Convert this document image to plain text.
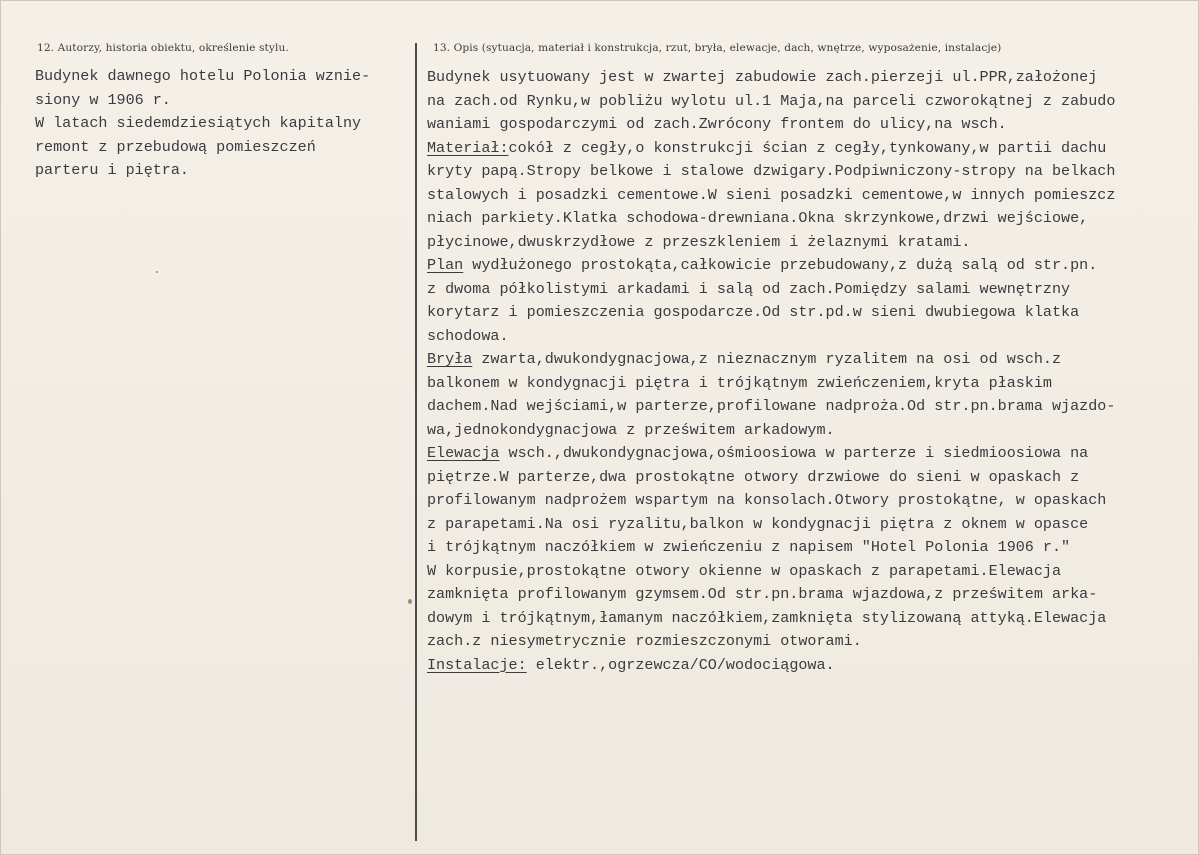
12. Autorzy, historia obiektu, określenie stylu.	13. Opis (sytuacja, materiał i konstrukcja, rzut, bryła, elewacje, dach, wnętrze, wyposażenie, instalacje)
Budynek dawnego hotelu Polonia wznie-
siony w 1906 r.
W latach siedemdziesiątych kapitalny
remont z przebudową pomieszczeń
parteru i piętra.
Budynek usytuowany jest w zwartej zabudowie zach.pierzeji ul.PPR,założonej
na zach.od Rynku,w pobliżu wylotu ul.1 Maja,na parceli czworokątnej z zabudo
waniami gospodarczymi od zach.Zwrócony frontem do ulicy,na wsch.
Materiał:cokół z cegły,o konstrukcji ścian z cegły,tynkowany,w partii dachu
kryty papą.Stropy belkowe i stalowe dzwigary.Podpiwniczony-stropy na belkach
stalowych i posadzki cementowe.W sieni posadzki cementowe,w innych pomieszcz
niach parkiety.Klatka schodowa-drewniana.Okna skrzynkowe,drzwi wejściowe,
płycinowe,dwuskrzydłowe z przeszkleniem i żelaznymi kratami.
Plan wydłużonego prostokąta,całkowicie przebudowany,z dużą salą od str.pn.
z dwoma półkolistymi arkadami i salą od zach.Pomiędzy salami wewnętrzny
korytarz i pomieszczenia gospodarcze.Od str.pd.w sieni dwubiegowa klatka
schodowa.
Bryła zwarta,dwukondygnacjowa,z nieznacznym ryzalitem na osi od wsch.z
balkonem w kondygnacji piętra i trójkątnym zwieńczeniem,kryta płaskim
dachem.Nad wejściami,w parterze,profilowane nadproża.Od str.pn.brama wjazdo-
wa,jednokondygnacjowa z prześwitem arkadowym.
Elewacja wsch.,dwukondygnacjowa,ośmioosiowa w parterze i siedmioosiowa na
piętrze.W parterze,dwa prostokątne otwory drzwiowe do sieni w opaskach z
profilowanym nadprożem wspartym na konsolach.Otwory prostokątne, w opaskach
z parapetami.Na osi ryzalitu,balkon w kondygnacji piętra z oknem w opasce
i trójkątnym naczółkiem w zwieńczeniu z napisem "Hotel Polonia 1906 r."
W korpusie,prostokątne otwory okienne w opaskach z parapetami.Elewacja
zamknięta profilowanym gzymsem.Od str.pn.brama wjazdowa,z prześwitem arka-
dowym i trójkątnym,łamanym naczółkiem,zamknięta stylizowaną attyką.Elewacja
zach.z niesymetrycznie rozmieszczonymi otworami.
Instalacje: elektr.,ogrzewcza/CO/wodociągowa.
